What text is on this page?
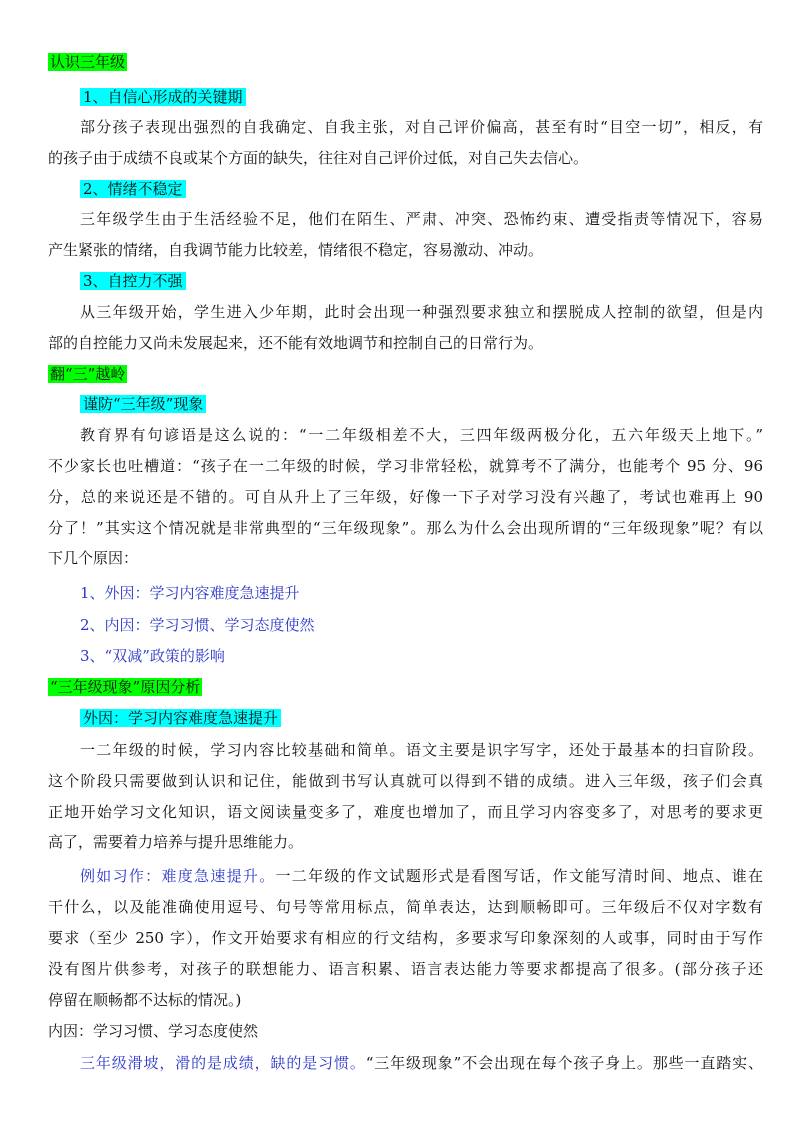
认识三年级
1、自信心形成的关键期
部分孩子表现出强烈的自我确定、自我主张，对自己评价偏高，甚至有时“目空一切”，相反，有
的孩子由于成绩不良或某个方面的缺失，往往对自己评价过低，对自己失去信心。
2、情绪不稳定
三年级学生由于生活经验不足，他们在陌生、严肃、冲突、恐怖约束、遭受指责等情况下，容易
产生紧张的情绪，自我调节能力比较差，情绪很不稳定，容易激动、冲动。
3、自控力不强
从三年级开始，学生进入少年期，此时会出现一种强烈要求独立和摆脱成人控制的欲望，但是内
部的自控能力又尚未发展起来，还不能有效地调节和控制自己的日常行为。
翻“三”越岭
谨防“三年级”现象
教育界有句谚语是这么说的：“一二年级相差不大，三四年级两极分化，五六年级天上地下。”
不少家长也吐槽道：“孩子在一二年级的时候，学习非常轻松，就算考不了满分，也能考个 95 分、96
分，总的来说还是不错的。可自从升上了三年级，好像一下子对学习没有兴趣了，考试也难再上 90
分了！”其实这个情况就是非常典型的“三年级现象”。那么为什么会出现所谓的“三年级现象”呢？有以
下几个原因：
1、外因：学习内容难度急速提升
2、内因：学习习惯、学习态度使然
3、“双减”政策的影响
“三年级现象”原因分析
外因：学习内容难度急速提升
一二年级的时候，学习内容比较基础和简单。语文主要是识字写字，还处于最基本的扫盲阶段。
这个阶段只需要做到认识和记住，能做到书写认真就可以得到不错的成绩。进入三年级，孩子们会真
正地开始学习文化知识，语文阅读量变多了，难度也增加了，而且学习内容变多了，对思考的要求更
高了，需要着力培养与提升思维能力。
例如习作：难度急速提升。一二年级的作文试题形式是看图写话，作文能写清时间、地点、谁在
干什么，以及能准确使用逗号、句号等常用标点，简单表达，达到顺畅即可。三年级后不仅对字数有
要求（至少 250 字），作文开始要求有相应的行文结构，多要求写印象深刻的人或事，同时由于写作
没有图片供参考，对孩子的联想能力、语言积累、语言表达能力等要求都提高了很多。(部分孩子还
停留在顺畅都不达标的情况。)
内因：学习习惯、学习态度使然
三年级滑坡，滑的是成绩，缺的是习惯。“三年级现象”不会出现在每个孩子身上。那些一直踏实、
